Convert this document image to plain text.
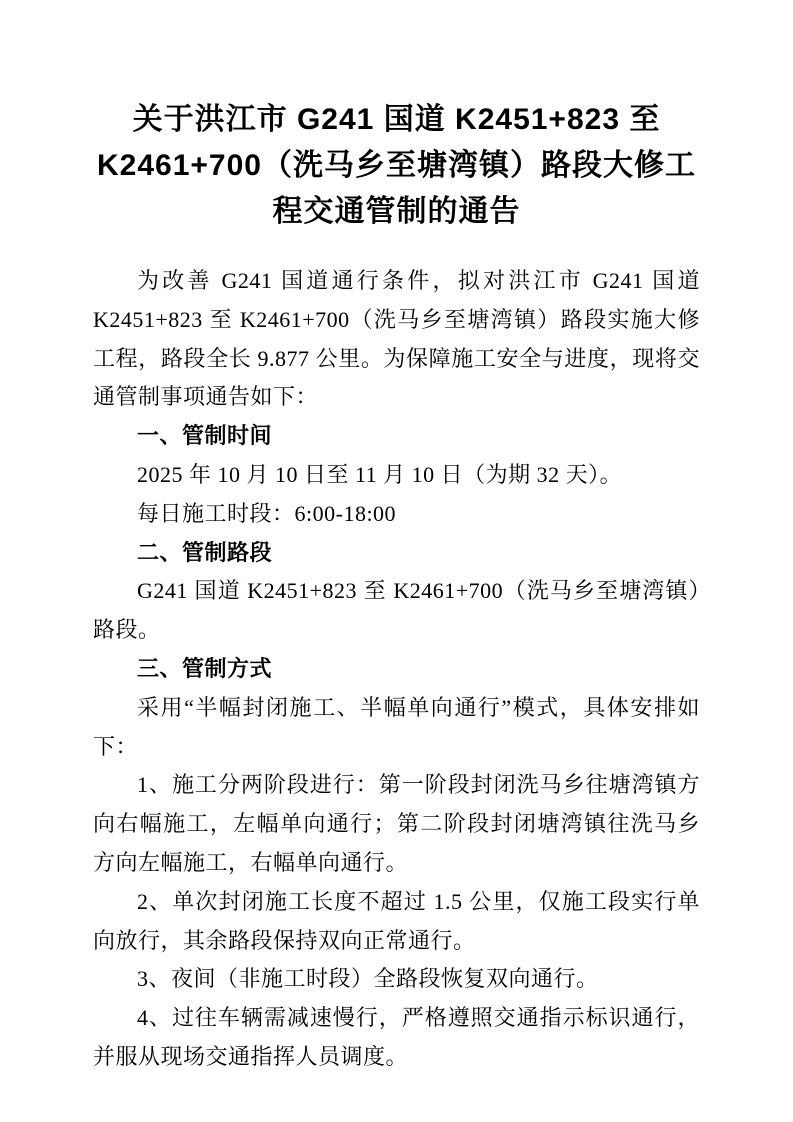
关于洪江市 G241 国道 K2451+823 至
K2461+700（洗马乡至塘湾镇）路段大修工
程交通管制的通告

为改善 G241 国道通行条件，拟对洪江市 G241 国道 K2451+823 至 K2461+700（洗马乡至塘湾镇）路段实施大修工程，路段全长 9.877 公里。为保障施工安全与进度，现将交通管制事项通告如下：

一、管制时间

2025 年 10 月 10 日至 11 月 10 日（为期 32 天）。

每日施工时段：6:00-18:00

二、管制路段

G241 国道 K2451+823 至 K2461+700（洗马乡至塘湾镇）路段。

三、管制方式

采用“半幅封闭施工、半幅单向通行”模式，具体安排如下：

1、施工分两阶段进行：第一阶段封闭洗马乡往塘湾镇方向右幅施工，左幅单向通行；第二阶段封闭塘湾镇往洗马乡方向左幅施工，右幅单向通行。

2、单次封闭施工长度不超过 1.5 公里，仅施工段实行单向放行，其余路段保持双向正常通行。

3、夜间（非施工时段）全路段恢复双向通行。

4、过往车辆需减速慢行，严格遵照交通指示标识通行，并服从现场交通指挥人员调度。
